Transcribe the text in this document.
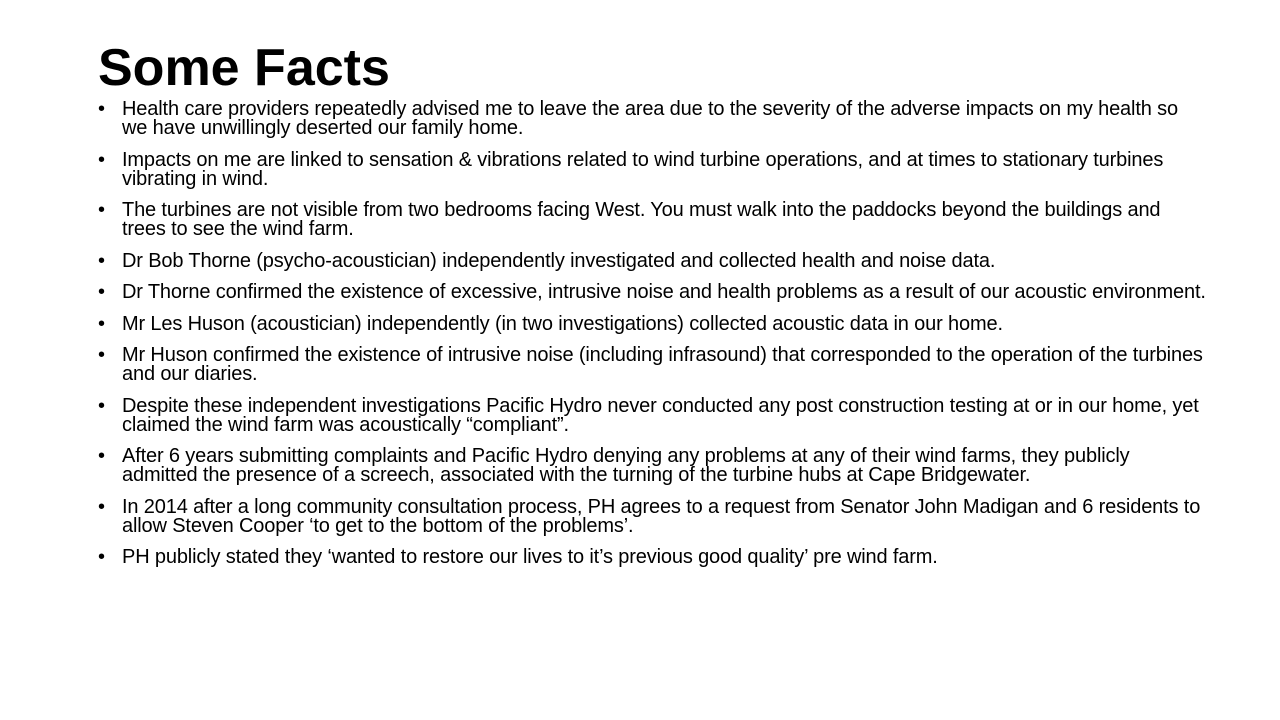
Some Facts
• Health care providers repeatedly advised me to leave the area due to the severity of the adverse impacts on my health so we have unwillingly deserted our family home.
• Impacts on me are linked to sensation & vibrations related to wind turbine operations, and at times to stationary turbines vibrating in wind.
• The turbines are not visible from two bedrooms facing West. You must walk into the paddocks beyond the buildings and trees to see the wind farm.
• Dr Bob Thorne (psycho-acoustician) independently investigated and collected health and noise data.
• Dr Thorne confirmed the existence of excessive, intrusive noise and health problems as a result of our acoustic environment.
• Mr Les Huson (acoustician) independently (in two investigations) collected acoustic data in our home.
• Mr Huson confirmed the existence of intrusive noise (including infrasound) that corresponded to the operation of the turbines and our diaries.
• Despite these independent investigations Pacific Hydro never conducted any post construction testing at or in our home, yet claimed the wind farm was acoustically “compliant”.
• After 6 years submitting complaints and Pacific Hydro denying any problems at any of their wind farms, they publicly admitted the presence of a screech, associated with the turning of the turbine hubs at Cape Bridgewater.
• In 2014 after a long community consultation process, PH agrees to a request from Senator John Madigan and 6 residents to allow Steven Cooper ‘to get to the bottom of the problems’.
• PH publicly stated they ‘wanted to restore our lives to it’s previous good quality’ pre wind farm.
